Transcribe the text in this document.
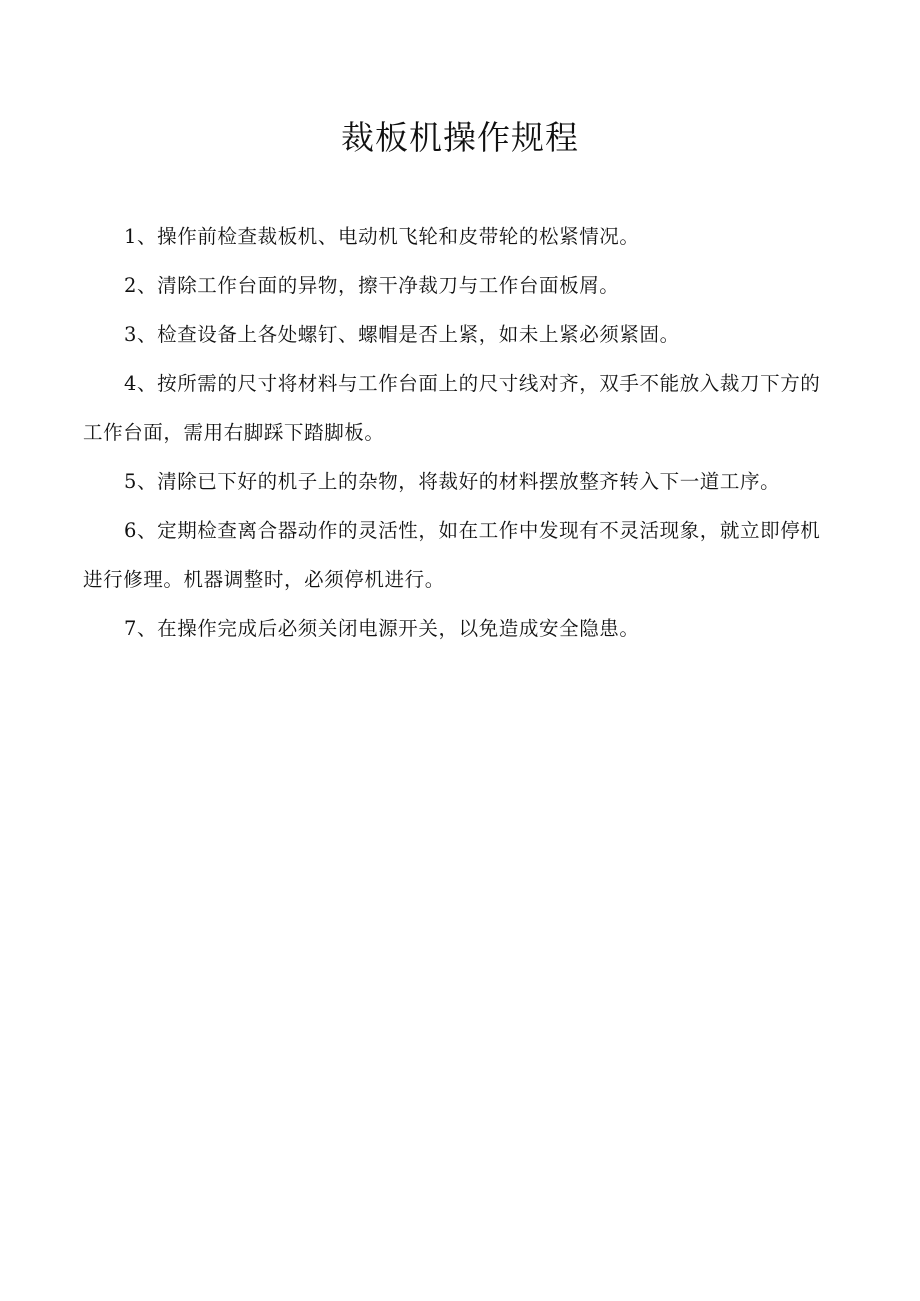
裁板机操作规程

1、操作前检查裁板机、电动机飞轮和皮带轮的松紧情况。

2、清除工作台面的异物，擦干净裁刀与工作台面板屑。

3、检查设备上各处螺钉、螺帽是否上紧，如未上紧必须紧固。

4、按所需的尺寸将材料与工作台面上的尺寸线对齐，双手不能放入裁刀下方的工作台面，需用右脚踩下踏脚板。

5、清除已下好的机子上的杂物，将裁好的材料摆放整齐转入下一道工序。

6、定期检查离合器动作的灵活性，如在工作中发现有不灵活现象，就立即停机进行修理。机器调整时，必须停机进行。

7、在操作完成后必须关闭电源开关，以免造成安全隐患。
